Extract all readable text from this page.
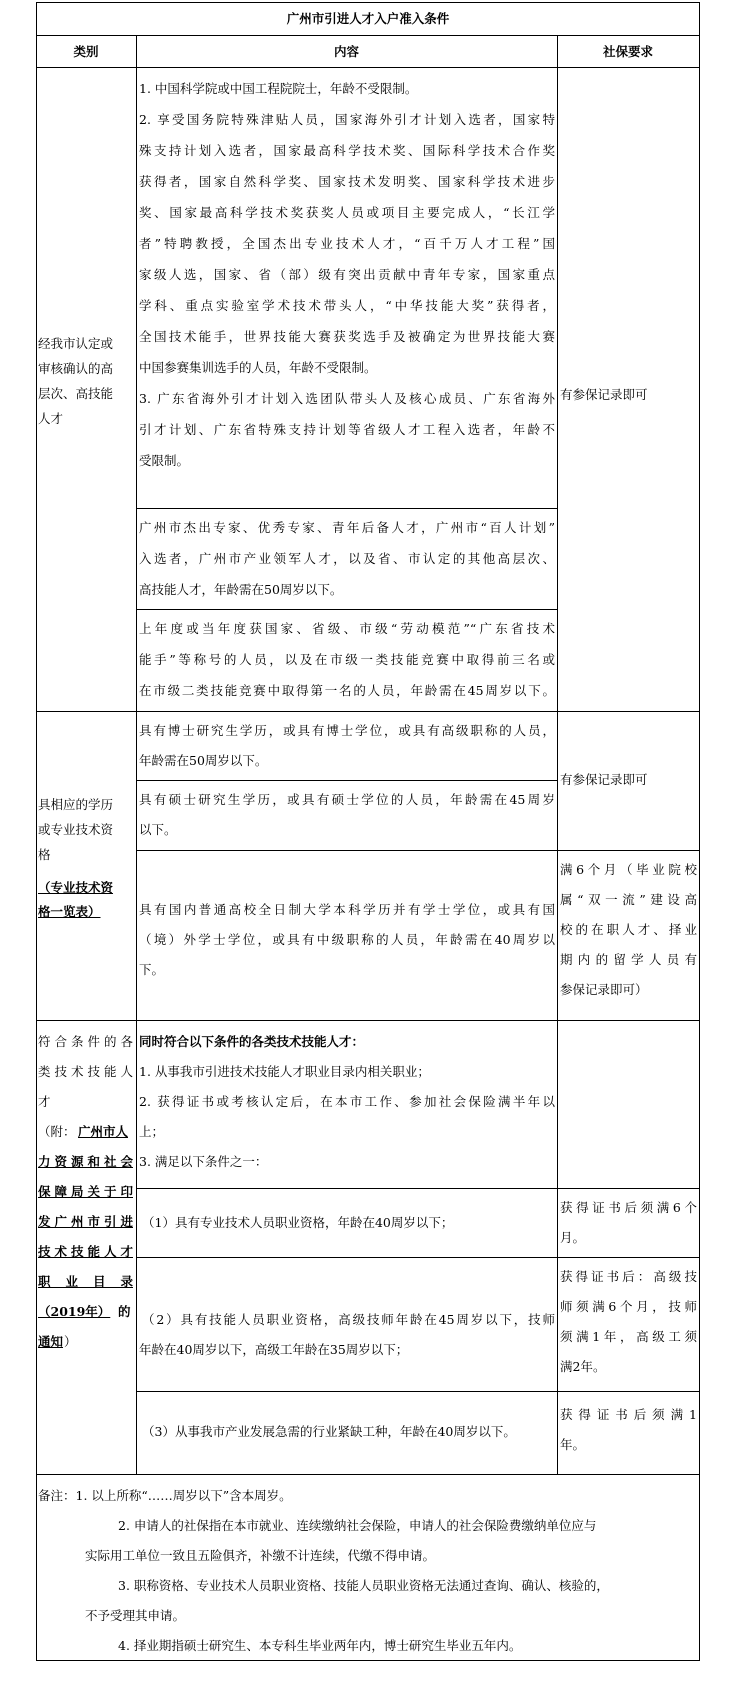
广州市引进人才入户准入条件
类别	内容	社保要求
经我市认定或
审核确认的高
层次、高技能
人才
1. 中国科学院或中国工程院院士，年龄不受限制。
2. 享受国务院特殊津贴人员，国家海外引才计划入选者，国家特
殊支持计划入选者，国家最高科学技术奖、国际科学技术合作奖
获得者，国家自然科学奖、国家技术发明奖、国家科学技术进步
奖、国家最高科学技术奖获奖人员或项目主要完成人，“长江学
者”特聘教授，全国杰出专业技术人才，“百千万人才工程”国
家级人选，国家、省（部）级有突出贡献中青年专家，国家重点
学科、重点实验室学术技术带头人，“中华技能大奖”获得者，
全国技术能手，世界技能大赛获奖选手及被确定为世界技能大赛
中国参赛集训选手的人员，年龄不受限制。
3. 广东省海外引才计划入选团队带头人及核心成员、广东省海外
引才计划、广东省特殊支持计划等省级人才工程入选者，年龄不
受限制。
广州市杰出专家、优秀专家、青年后备人才，广州市“百人计划”
入选者，广州市产业领军人才，以及省、市认定的其他高层次、
高技能人才，年龄需在50周岁以下。
上年度或当年度获国家、省级、市级“劳动模范”“广东省技术
能手”等称号的人员，以及在市级一类技能竞赛中取得前三名或
在市级二类技能竞赛中取得第一名的人员，年龄需在45周岁以下。
有参保记录即可
具相应的学历
或专业技术资
格
（专业技术资
格一览表）
具有博士研究生学历，或具有博士学位，或具有高级职称的人员，
年龄需在50周岁以下。
具有硕士研究生学历，或具有硕士学位的人员，年龄需在45周岁
以下。
有参保记录即可
具有国内普通高校全日制大学本科学历并有学士学位，或具有国
（境）外学士学位，或具有中级职称的人员，年龄需在40周岁以
下。
满6个月（毕业院校
属“双一流”建设高
校的在职人才、择业
期内的留学人员有
参保记录即可）
符合条件的各
类技术技能人
才
（附： 广州市人
力资源和社会
保障局关于印
发广州市引进
技术技能人才
职 业 目 录
（2019年）
通知
的
）
同时符合以下条件的各类技术技能人才：
1. 从事我市引进技术技能人才职业目录内相关职业；
2. 获得证书或考核认定后，在本市工作、参加社会保险满半年以
上；
3. 满足以下条件之一：
（1）具有专业技术人员职业资格，年龄在40周岁以下；
获得证书后须满6个
月。
（2）具有技能人员职业资格，高级技师年龄在45周岁以下，技师
年龄在40周岁以下，高级工年龄在35周岁以下；
获得证书后：高级技
师须满6个月，技师
须满1年，高级工须
满2年。
（3）从事我市产业发展急需的行业紧缺工种，年龄在40周岁以下。
获得证书后须满1
年。
备注：1. 以上所称“……周岁以下”含本周岁。
2. 申请人的社保指在本市就业、连续缴纳社会保险，申请人的社会保险费缴纳单位应与
实际用工单位一致且五险俱齐，补缴不计连续，代缴不得申请。
3. 职称资格、专业技术人员职业资格、技能人员职业资格无法通过查询、确认、核验的，
不予受理其申请。
4. 择业期指硕士研究生、本专科生毕业两年内，博士研究生毕业五年内。
